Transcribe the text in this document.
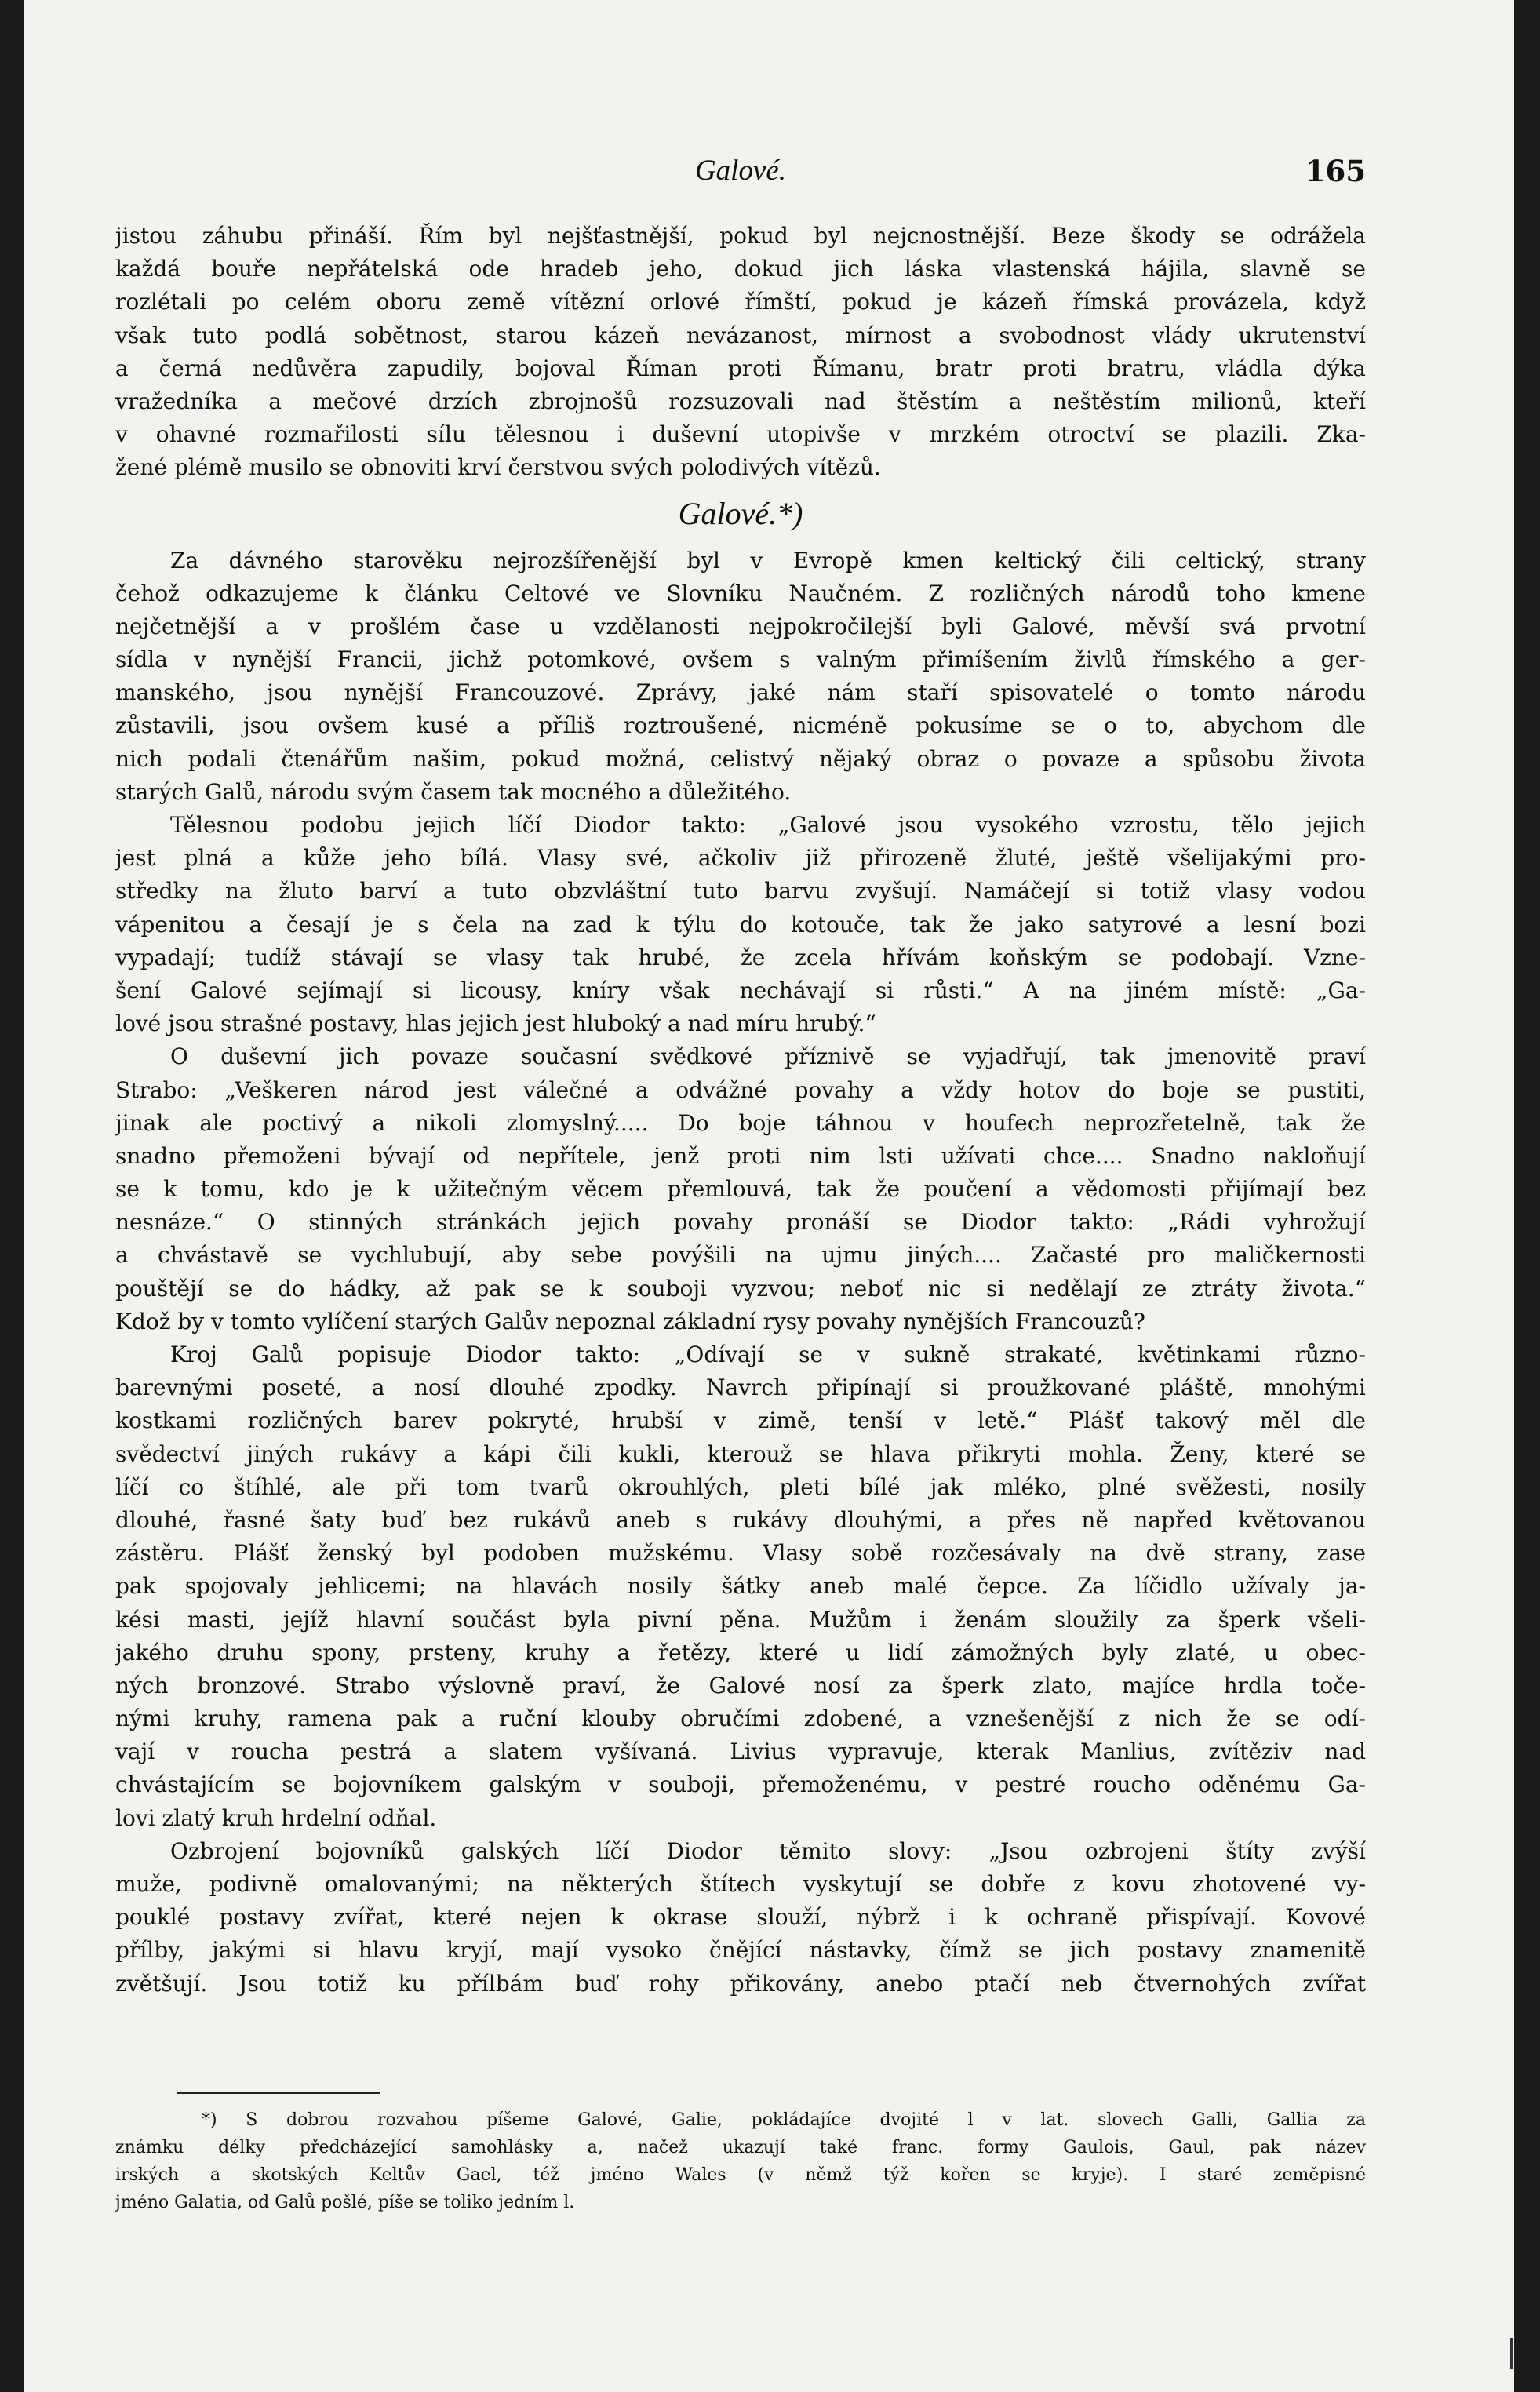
Galové.	165
jistou záhubu přináší. Řím byl nejšťastnější, pokud byl nejcnostnější. Beze škody se odrážela
každá bouře nepřátelská ode hradeb jeho, dokud jich láska vlastenská hájila, slavně se
rozlétali po celém oboru země vítězní orlové římští, pokud je kázeň římská provázela, když
však tuto podlá sobětnost, starou kázeň nevázanost, mírnost a svobodnost vlády ukrutenství
a černá nedůvěra zapudily, bojoval Říman proti Římanu, bratr proti bratru, vládla dýka
vražedníka a mečové drzích zbrojnošů rozsuzovali nad štěstím a neštěstím milionů, kteří
v ohavné rozmařilosti sílu tělesnou i duševní utopivše v mrzkém otroctví se plazili. Zka-
žené plémě musilo se obnoviti krví čerstvou svých polodivých vítězů.
Galové.*)
Za dávného starověku nejrozšířenější byl v Evropě kmen keltický čili celtický, strany
čehož odkazujeme k článku Celtové ve Slovníku Naučném. Z rozličných národů toho kmene
nejčetnější a v prošlém čase u vzdělanosti nejpokročilejší byli Galové, měvší svá prvotní
sídla v nynější Francii, jichž potomkové, ovšem s valným přimíšením živlů římského a ger-
manského, jsou nynější Francouzové. Zprávy, jaké nám staří spisovatelé o tomto národu
zůstavili, jsou ovšem kusé a příliš roztroušené, nicméně pokusíme se o to, abychom dle
nich podali čtenářům našim, pokud možná, celistvý nějaký obraz o povaze a spůsobu života
starých Galů, národu svým časem tak mocného a důležitého.
Tělesnou podobu jejich líčí Diodor takto: „Galové jsou vysokého vzrostu, tělo jejich
jest plná a kůže jeho bílá. Vlasy své, ačkoliv již přirozeně žluté, ještě všelijakými pro-
středky na žluto barví a tuto obzvláštní tuto barvu zvyšují. Namáčejí si totiž vlasy vodou
vápenitou a česají je s čela na zad k týlu do kotouče, tak že jako satyrové a lesní bozi
vypadají; tudíž stávají se vlasy tak hrubé, že zcela hřívám koňským se podobají. Vzne-
šení Galové sejímají si licousy, kníry však nechávají si růsti.“ A na jiném místě: „Ga-
lové jsou strašné postavy, hlas jejich jest hluboký a nad míru hrubý.“
O duševní jich povaze současní svědkové příznivě se vyjadřují, tak jmenovitě praví
Strabo: „Veškeren národ jest válečné a odvážné povahy a vždy hotov do boje se pustiti,
jinak ale poctivý a nikoli zlomyslný..... Do boje táhnou v houfech neprozřetelně, tak že
snadno přemoženi bývají od nepřítele, jenž proti nim lsti užívati chce.... Snadno nakloňují
se k tomu, kdo je k užitečným věcem přemlouvá, tak že poučení a vědomosti přijímají bez
nesnáze.“ O stinných stránkách jejich povahy pronáší se Diodor takto: „Rádi vyhrožují
a chvástavě se vychlubují, aby sebe povýšili na ujmu jiných.... Začasté pro maličkernosti
pouštějí se do hádky, až pak se k souboji vyzvou; neboť nic si nedělají ze ztráty života.“
Kdož by v tomto vylíčení starých Galův nepoznal základní rysy povahy nynějších Francouzů?
Kroj Galů popisuje Diodor takto: „Odívají se v sukně strakaté, květinkami různo-
barevnými poseté, a nosí dlouhé zpodky. Navrch připínají si proužkované pláště, mnohými
kostkami rozličných barev pokryté, hrubší v zimě, tenší v letě.“ Plášť takový měl dle
svědectví jiných rukávy a kápi čili kukli, kterouž se hlava přikryti mohla. Ženy, které se
líčí co štíhlé, ale při tom tvarů okrouhlých, pleti bílé jak mléko, plné svěžesti, nosily
dlouhé, řasné šaty buď bez rukávů aneb s rukávy dlouhými, a přes ně napřed květovanou
zástěru. Plášť ženský byl podoben mužskému. Vlasy sobě rozčesávaly na dvě strany, zase
pak spojovaly jehlicemi; na hlavách nosily šátky aneb malé čepce. Za líčidlo užívaly ja-
kési masti, jejíž hlavní součást byla pivní pěna. Mužům i ženám sloužily za šperk všeli-
jakého druhu spony, prsteny, kruhy a řetězy, které u lidí zámožných byly zlaté, u obec-
ných bronzové. Strabo výslovně praví, že Galové nosí za šperk zlato, majíce hrdla toče-
nými kruhy, ramena pak a ruční klouby obručími zdobené, a vznešenější z nich že se odí-
vají v roucha pestrá a slatem vyšívaná. Livius vypravuje, kterak Manlius, zvítěziv nad
chvástajícím se bojovníkem galským v souboji, přemoženému, v pestré roucho oděnému Ga-
lovi zlatý kruh hrdelní odňal.
Ozbrojení bojovníků galských líčí Diodor těmito slovy: „Jsou ozbrojeni štíty zvýší
muže, podivně omalovanými; na některých štítech vyskytují se dobře z kovu zhotovené vy-
pouklé postavy zvířat, které nejen k okrase slouží, nýbrž i k ochraně přispívají. Kovové
přílby, jakými si hlavu kryjí, mají vysoko čnějící nástavky, čímž se jich postavy znamenitě
zvětšují. Jsou totiž ku přílbám buď rohy přikovány, anebo ptačí neb čtvernohých zvířat
*) S dobrou rozvahou píšeme Galové, Galie, pokládajíce dvojité l v lat. slovech Galli, Gallia za
známku délky předcházející samohlásky a, načež ukazují také franc. formy Gaulois, Gaul, pak název
irských a skotských Keltův Gael, též jméno Wales (v němž týž kořen se kryje). I staré zeměpisné
jméno Galatia, od Galů pošlé, píše se toliko jedním l.
